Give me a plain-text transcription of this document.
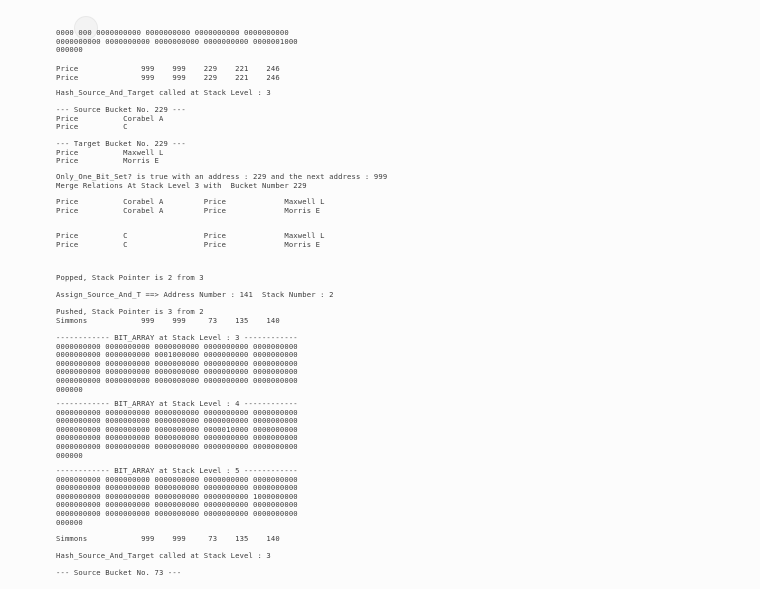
0000 000 0000000000 0000000000 0000000000 0000000000
0000000000 0000000000 0000000000 0000000000 0000001000
000000
Price              999    999    229    221    246
Price              999    999    229    221    246
Hash_Source_And_Target called at Stack Level : 3
--- Source Bucket No. 229 ---
Price          Corabel A
Price          C
--- Target Bucket No. 229 ---
Price          Maxwell L
Price          Morris E
Only_One_Bit_Set? is true with an address : 229 and the next address : 999
Merge Relations At Stack Level 3 with  Bucket Number 229
Price          Corabel A         Price             Maxwell L
Price          Corabel A         Price             Morris E
Price          C                 Price             Maxwell L
Price          C                 Price             Morris E
Popped, Stack Pointer is 2 from 3
Assign_Source_And_T ==> Address Number : 141  Stack Number : 2
Pushed, Stack Pointer is 3 from 2
Simmons            999    999     73    135    140
------------ BIT_ARRAY at Stack Level : 3 ------------
0000000000 0000000000 0000000000 0000000000 0000000000
0000000000 0000000000 0001000000 0000000000 0000000000
0000000000 0000000000 0000000000 0000000000 0000000000
0000000000 0000000000 0000000000 0000000000 0000000000
0000000000 0000000000 0000000000 0000000000 0000000000
000000
------------ BIT_ARRAY at Stack Level : 4 ------------
0000000000 0000000000 0000000000 0000000000 0000000000
0000000000 0000000000 0000000000 0000000000 0000000000
0000000000 0000000000 0000000000 0000010000 0000000000
0000000000 0000000000 0000000000 0000000000 0000000000
0000000000 0000000000 0000000000 0000000000 0000000000
000000
------------ BIT_ARRAY at Stack Level : 5 ------------
0000000000 0000000000 0000000000 0000000000 0000000000
0000000000 0000000000 0000000000 0000000000 0000000000
0000000000 0000000000 0000000000 0000000000 1000000000
0000000000 0000000000 0000000000 0000000000 0000000000
0000000000 0000000000 0000000000 0000000000 0000000000
000000
Simmons            999    999     73    135    140
Hash_Source_And_Target called at Stack Level : 3
--- Source Bucket No. 73 ---
